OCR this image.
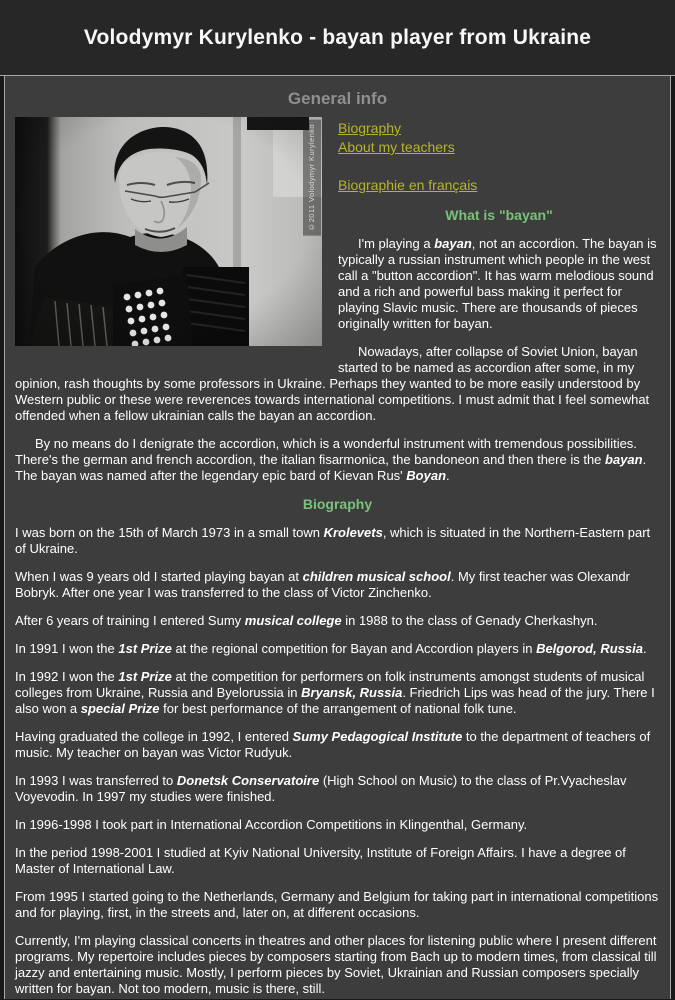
Volodymyr Kurylenko - bayan player from Ukraine
General info
©2011 Volodymyr Kurylenko	Biography
About my teachers
Biographie en français
What is "bayan"

I'm playing a bayan, not an accordion. The bayan is typically a russian instrument which people in the west call a "button accordion". It has warm melodious sound and a rich and powerful bass making it perfect for playing Slavic music. There are thousands of pieces originally written for bayan.

Nowadays, after collapse of Soviet Union, bayan started to be named as accordion after some, in my opinion, rash thoughts by some professors in Ukraine. Perhaps they wanted to be more easily understood by Western public or these were reverences towards international competitions. I must admit that I feel somewhat offended when a fellow ukrainian calls the bayan an accordion.

By no means do I denigrate the accordion, which is a wonderful instrument with tremendous possibilities. There's the german and french accordion, the italian fisarmonica, the bandoneon and then there is the bayan. The bayan was named after the legendary epic bard of Kievan Rus' Boyan.

Biography

I was born on the 15th of March 1973 in a small town Krolevets, which is situated in the Northern-Eastern part of Ukraine.

When I was 9 years old I started playing bayan at children musical school. My first teacher was Olexandr Bobryk. After one year I was transferred to the class of Victor Zinchenko.

After 6 years of training I entered Sumy musical college in 1988 to the class of Genady Cherkashyn.

In 1991 I won the 1st Prize at the regional competition for Bayan and Accordion players in Belgorod, Russia.

In 1992 I won the 1st Prize at the competition for performers on folk instruments amongst students of musical colleges from Ukraine, Russia and Byelorussia in Bryansk, Russia. Friedrich Lips was head of the jury. There I also won a special Prize for best performance of the arrangement of national folk tune.

Having graduated the college in 1992, I entered Sumy Pedagogical Institute to the department of teachers of music. My teacher on bayan was Victor Rudyuk.

In 1993 I was transferred to Donetsk Conservatoire (High School on Music) to the class of Pr.Vyacheslav Voyevodin. In 1997 my studies were finished.

In 1996-1998 I took part in International Accordion Competitions in Klingenthal, Germany.

In the period 1998-2001 I studied at Kyiv National University, Institute of Foreign Affairs. I have a degree of Master of International Law.

From 1995 I started going to the Netherlands, Germany and Belgium for taking part in international competitions and for playing, first, in the streets and, later on, at different occasions.

Currently, I'm playing classical concerts in theatres and other places for listening public where I present different programs. My repertoire includes pieces by composers starting from Bach up to modern times, from classical till jazzy and entertaining music. Mostly, I perform pieces by Soviet, Ukrainian and Russian composers specially written for bayan. Not too modern, music is there, still.
